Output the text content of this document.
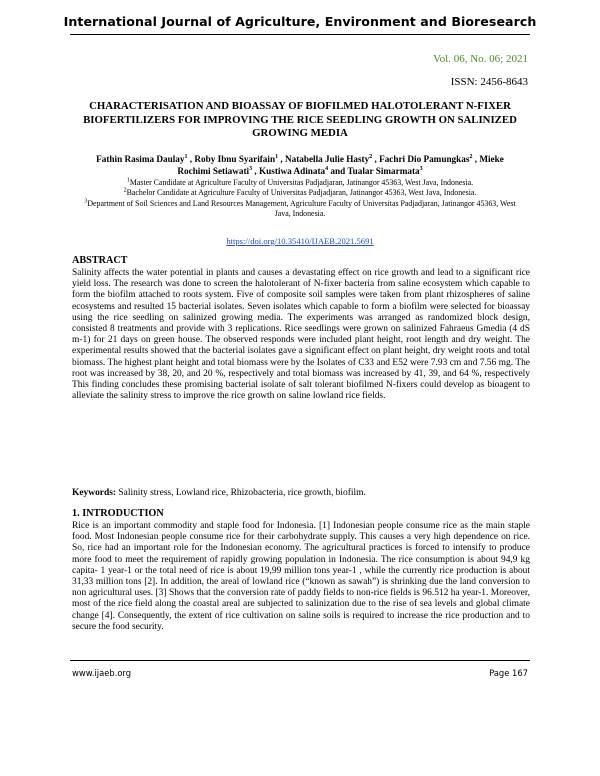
International Journal of Agriculture, Environment and Bioresearch
Vol. 06, No. 06; 2021
ISSN: 2456-8643
CHARACTERISATION AND BIOASSAY OF BIOFILMED HALOTOLERANT N-FIXER BIOFERTILIZERS FOR IMPROVING THE RICE SEEDLING GROWTH ON SALINIZED GROWING MEDIA
Fathin Rasima Daulay$^1$ , Roby Ibnu Syarifain$^1$ , Natabella Julie Hasty$^2$ , Fachri Dio Pamungkas$^2$ , Mieke Rochimi Setiawati$^3$ , Kustiwa Adinata$^4$ and Tualar Simarmata$^3$
$^1$Master Candidate at Agriculture Faculty of Universitas Padjadjaran, Jatinangor 45363, West Java, Indonesia.
$^2$Bachelor Candidate at Agriculture Faculty of Universitas Padjadjaran, Jatinangor 45363, West Java, Indonesia.
$^3$Department of Soil Sciences and Land Resources Management, Agriculture Faculty of Universitas Padjadjaran, Jatinangor 45363, West Java, Indonesia.
https://doi.org/10.35410/IJAEB.2021.5691
ABSTRACT
Salinity affects the water potential in plants and causes a devastating effect on rice growth and lead to a significant rice yield loss. The research was done to screen the halotolerant of N-fixer bacteria from saline ecosystem which capable to form the biofilm attached to roots system. Five of composite soil samples were taken from plant rhizospheres of saline ecosystems and resulted 15 bacterial isolates. Seven isolates which capable to form a biofilm were selected for bioassay using the rice seedling on salinized growing media. The experiments was arranged as randomized block design, consisted 8 treatments and provide with 3 replications. Rice seedlings were grown on salinized Fahraeus Gmedia (4 dS m-1) for 21 days on green house. The observed responds were included plant height, root length and dry weight. The experimental results showed that the bacterial isolates gave a significant effect on plant height, dry weight roots and total biomass. The highest plant height and total biomass were by the Isolates of C33 and E52 were 7.93 cm and 7.56 mg. The root was increased by 38, 20, and 20 %, respectively and total biomass was increased by 41, 39, and 64 %, respectively This finding concludes these promising bacterial isolate of salt tolerant biofilmed N-fixers could develop as bioagent to alleviate the salinity stress to improve the rice growth on saline lowland rice fields.
Keywords: Salinity stress, Lowland rice, Rhizobacteria, rice growth, biofilm.
1. INTRODUCTION
Rice is an important commodity and staple food for Indonesia. [1] Indonesian people consume rice as the main staple food. Most Indonesian people consume rice for their carbohydrate supply. This causes a very high dependence on rice. So, rice had an important role for the Indonesian economy. The agricultural practices is forced to intensify to produce more food to meet the requirement of rapidly growing population in Indonesia. The rice consumption is about 94,9 kg capita- 1 year-1 or the total need of rice is about 19,99 million tons year-1 , while the currently rice production is about 31,33 million tons [2]. In addition, the areal of lowland rice (“known as sawah”) is shrinking due the land conversion to non agricultural uses. [3] Shows that the conversion rate of paddy fields to non-rice fields is 96.512 ha year-1. Moreover, most of the rice field along the coastal areal are subjected to salinization due to the rise of sea levels and global climate change [4]. Consequently, the extent of rice cultivation on saline soils is required to increase the rice production and to secure the food security.
www.ijaeb.org	Page 167
